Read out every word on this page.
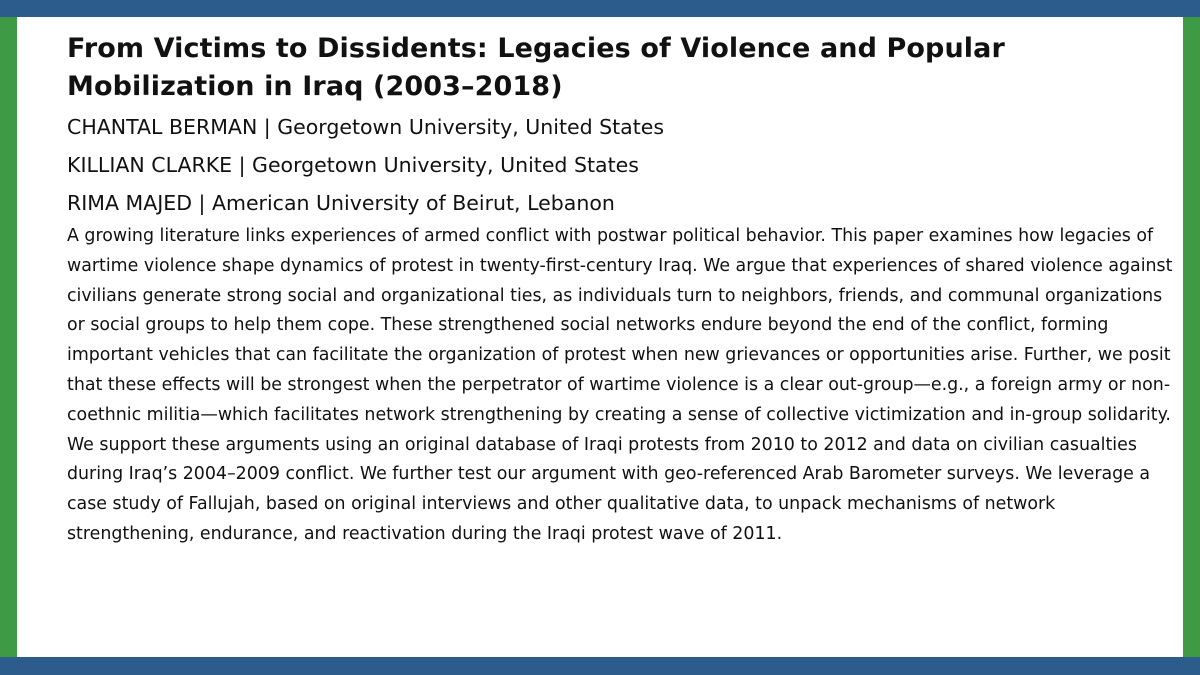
From Victims to Dissidents: Legacies of Violence and Popular Mobilization in Iraq (2003–2018)
CHANTAL BERMAN | Georgetown University, United States
KILLIAN CLARKE | Georgetown University, United States
RIMA MAJED | American University of Beirut, Lebanon

A growing literature links experiences of armed conflict with postwar political behavior. This paper examines how legacies of wartime violence shape dynamics of protest in twenty-first-century Iraq. We argue that experiences of shared violence against civilians generate strong social and organizational ties, as individuals turn to neighbors, friends, and communal organizations or social groups to help them cope. These strengthened social networks endure beyond the end of the conflict, forming important vehicles that can facilitate the organization of protest when new grievances or opportunities arise. Further, we posit that these effects will be strongest when the perpetrator of wartime violence is a clear out-group—e.g., a foreign army or non-coethnic militia—which facilitates network strengthening by creating a sense of collective victimization and in-group solidarity. We support these arguments using an original database of Iraqi protests from 2010 to 2012 and data on civilian casualties during Iraq’s 2004–2009 conflict. We further test our argument with geo-referenced Arab Barometer surveys. We leverage a case study of Fallujah, based on original interviews and other qualitative data, to unpack mechanisms of network strengthening, endurance, and reactivation during the Iraqi protest wave of 2011.
